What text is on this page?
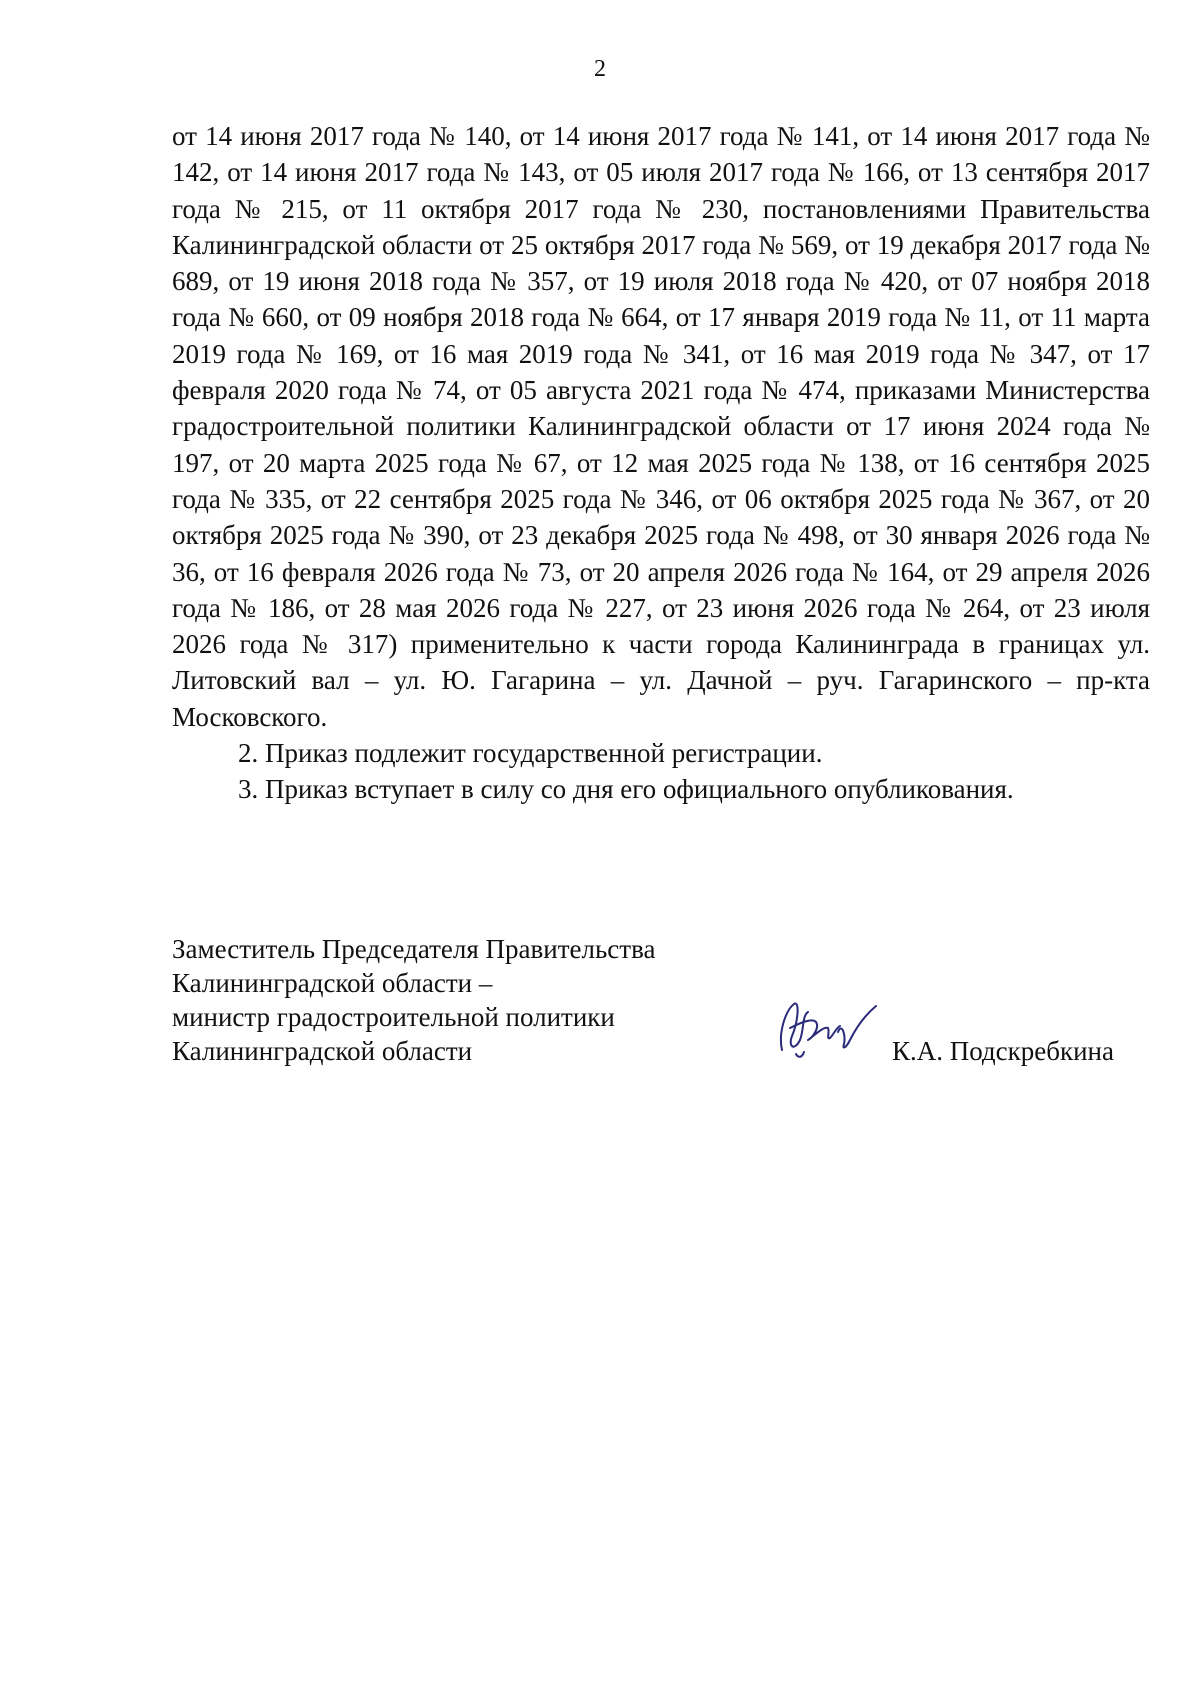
2

от 14 июня 2017 года № 140, от 14 июня 2017 года № 141, от 14 июня 2017 года № 142, от 14 июня 2017 года № 143, от 05 июля 2017 года № 166, от 13 сентября 2017 года № 215, от 11 октября 2017 года № 230, постановлениями Правительства Калининградской области от 25 октября 2017 года № 569, от 19 декабря 2017 года № 689, от 19 июня 2018 года № 357, от 19 июля 2018 года № 420, от 07 ноября 2018 года № 660, от 09 ноября 2018 года № 664, от 17 января 2019 года № 11, от 11 марта 2019 года № 169, от 16 мая 2019 года № 341, от 16 мая 2019 года № 347, от 17 февраля 2020 года № 74, от 05 августа 2021 года № 474, приказами Министерства градостроительной политики Калининградской области от 17 июня 2024 года № 197, от 20 марта 2025 года № 67, от 12 мая 2025 года № 138, от 16 сентября 2025 года № 335, от 22 сентября 2025 года № 346, от 06 октября 2025 года № 367, от 20 октября 2025 года № 390, от 23 декабря 2025 года № 498, от 30 января 2026 года № 36, от 16 февраля 2026 года № 73, от 20 апреля 2026 года № 164, от 29 апреля 2026 года № 186, от 28 мая 2026 года № 227, от 23 июня 2026 года № 264, от 23 июля 2026 года № 317) применительно к части города Калининграда в границах ул. Литовский вал – ул. Ю. Гагарина – ул. Дачной – руч. Гагаринского – пр-кта Московского.

2. Приказ подлежит государственной регистрации.

3. Приказ вступает в силу со дня его официального опубликования.

Заместитель Председателя Правительства
Калининградской области –
министр градостроительной политики
Калининградской области	К.А. Подскребкина
